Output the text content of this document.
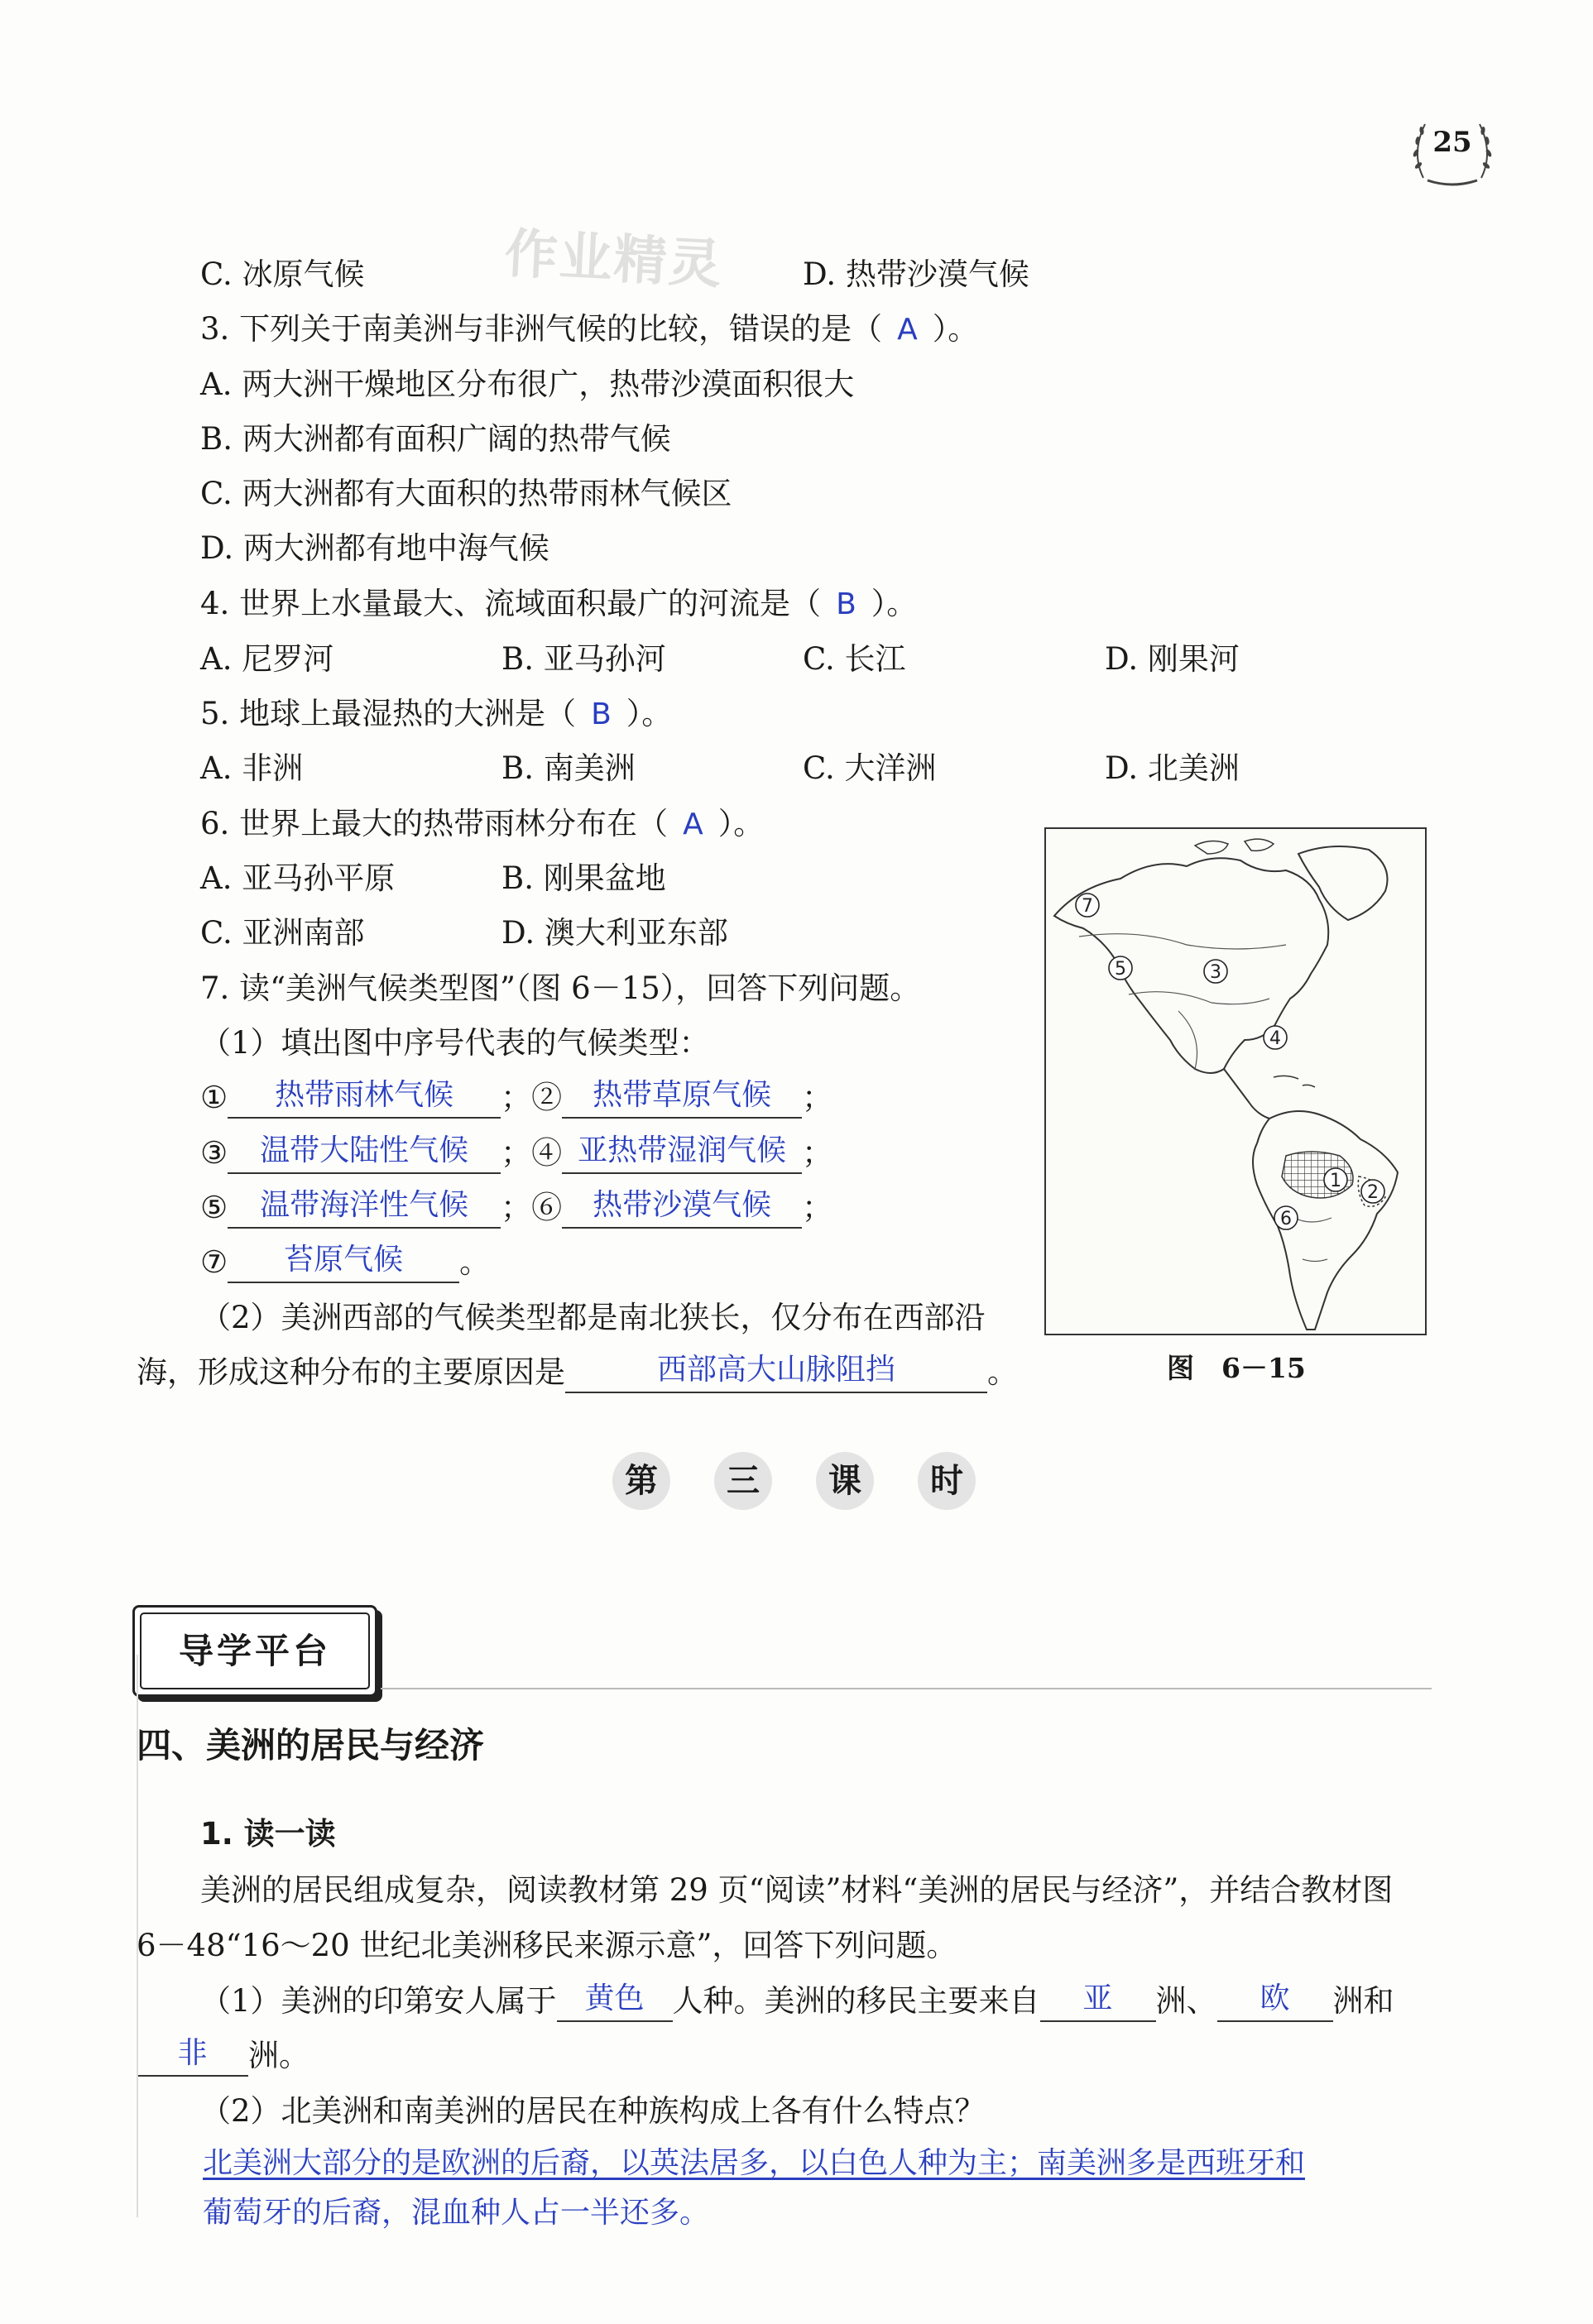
25
作业精灵
C. 冰原气候	D. 热带沙漠气候
3. 下列关于南美洲与非洲气候的比较，错误的是（ A ）。
A. 两大洲干燥地区分布很广，热带沙漠面积很大
B. 两大洲都有面积广阔的热带气候
C. 两大洲都有大面积的热带雨林气候区
D. 两大洲都有地中海气候
4. 世界上水量最大、流域面积最广的河流是（ B ）。
A. 尼罗河	B. 亚马孙河	C. 长江	D. 刚果河
5. 地球上最湿热的大洲是（ B ）。
A. 非洲	B. 南美洲	C. 大洋洲	D. 北美洲
6. 世界上最大的热带雨林分布在（ A ）。
A. 亚马孙平原	B. 刚果盆地
C. 亚洲南部	D. 澳大利亚东部
7. 读“美洲气候类型图”（图 6－15），回答下列问题。
（1）填出图中序号代表的气候类型：
① 热带雨林气候 ；② 热带草原气候 ；
③ 温带大陆性气候 ；④ 亚热带湿润气候 ；
⑤ 温带海洋性气候 ；⑥ 热带沙漠气候 ；
⑦ 苔原气候 。
（2）美洲西部的气候类型都是南北狭长，仅分布在西部沿
海，形成这种分布的主要原因是	西部高大山脉阻挡	。
7
5	3
4
1
2
6
图　6－15
第	三	课	时
导学平台
四、美洲的居民与经济
1. 读一读
美洲的居民组成复杂，阅读教材第 29 页“阅读”材料“美洲的居民与经济”，并结合教材图
6－48“16～20 世纪北美洲移民来源示意”，回答下列问题。
（1）美洲的印第安人属于 黄色 人种。美洲的移民主要来自 亚 洲、 欧 洲和
非 洲。
（2）北美洲和南美洲的居民在种族构成上各有什么特点？
北美洲大部分的是欧洲的后裔，以英法居多，以白色人种为主；南美洲多是西班牙和
葡萄牙的后裔，混血种人占一半还多。
